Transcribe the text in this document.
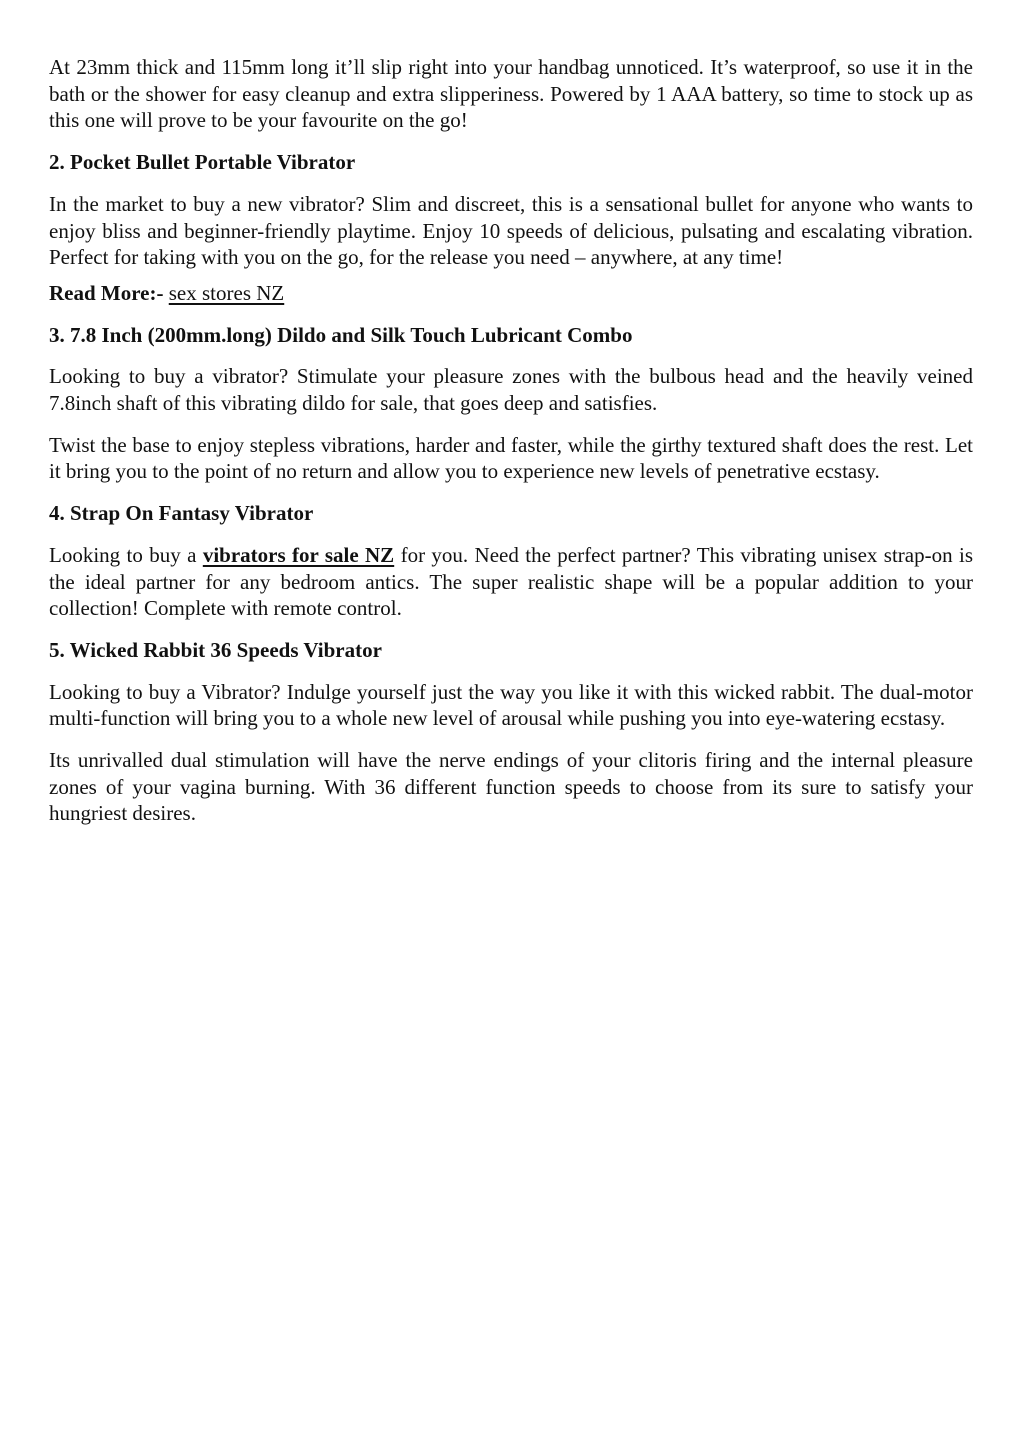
At 23mm thick and 115mm long it’ll slip right into your handbag unnoticed. It’s waterproof, so use it in the bath or the shower for easy cleanup and extra slipperiness. Powered by 1 AAA battery, so time to stock up as this one will prove to be your favourite on the go!

2. Pocket Bullet Portable Vibrator

In the market to buy a new vibrator? Slim and discreet, this is a sensational bullet for anyone who wants to enjoy bliss and beginner-friendly playtime. Enjoy 10 speeds of delicious, pulsating and escalating vibration. Perfect for taking with you on the go, for the release you need – anywhere, at any time!

Read More:- sex stores NZ

3. 7.8 Inch (200mm.long) Dildo and Silk Touch Lubricant Combo

Looking to buy a vibrator? Stimulate your pleasure zones with the bulbous head and the heavily veined 7.8inch shaft of this vibrating dildo for sale, that goes deep and satisfies.

Twist the base to enjoy stepless vibrations, harder and faster, while the girthy textured shaft does the rest. Let it bring you to the point of no return and allow you to experience new levels of penetrative ecstasy.

4. Strap On Fantasy Vibrator

Looking to buy a vibrators for sale NZ for you. Need the perfect partner? This vibrating unisex strap-on is the ideal partner for any bedroom antics. The super realistic shape will be a popular addition to your collection! Complete with remote control.

5. Wicked Rabbit 36 Speeds Vibrator

Looking to buy a Vibrator? Indulge yourself just the way you like it with this wicked rabbit. The dual-motor multi-function will bring you to a whole new level of arousal while pushing you into eye-watering ecstasy.

Its unrivalled dual stimulation will have the nerve endings of your clitoris firing and the internal pleasure zones of your vagina burning. With 36 different function speeds to choose from its sure to satisfy your hungriest desires.
